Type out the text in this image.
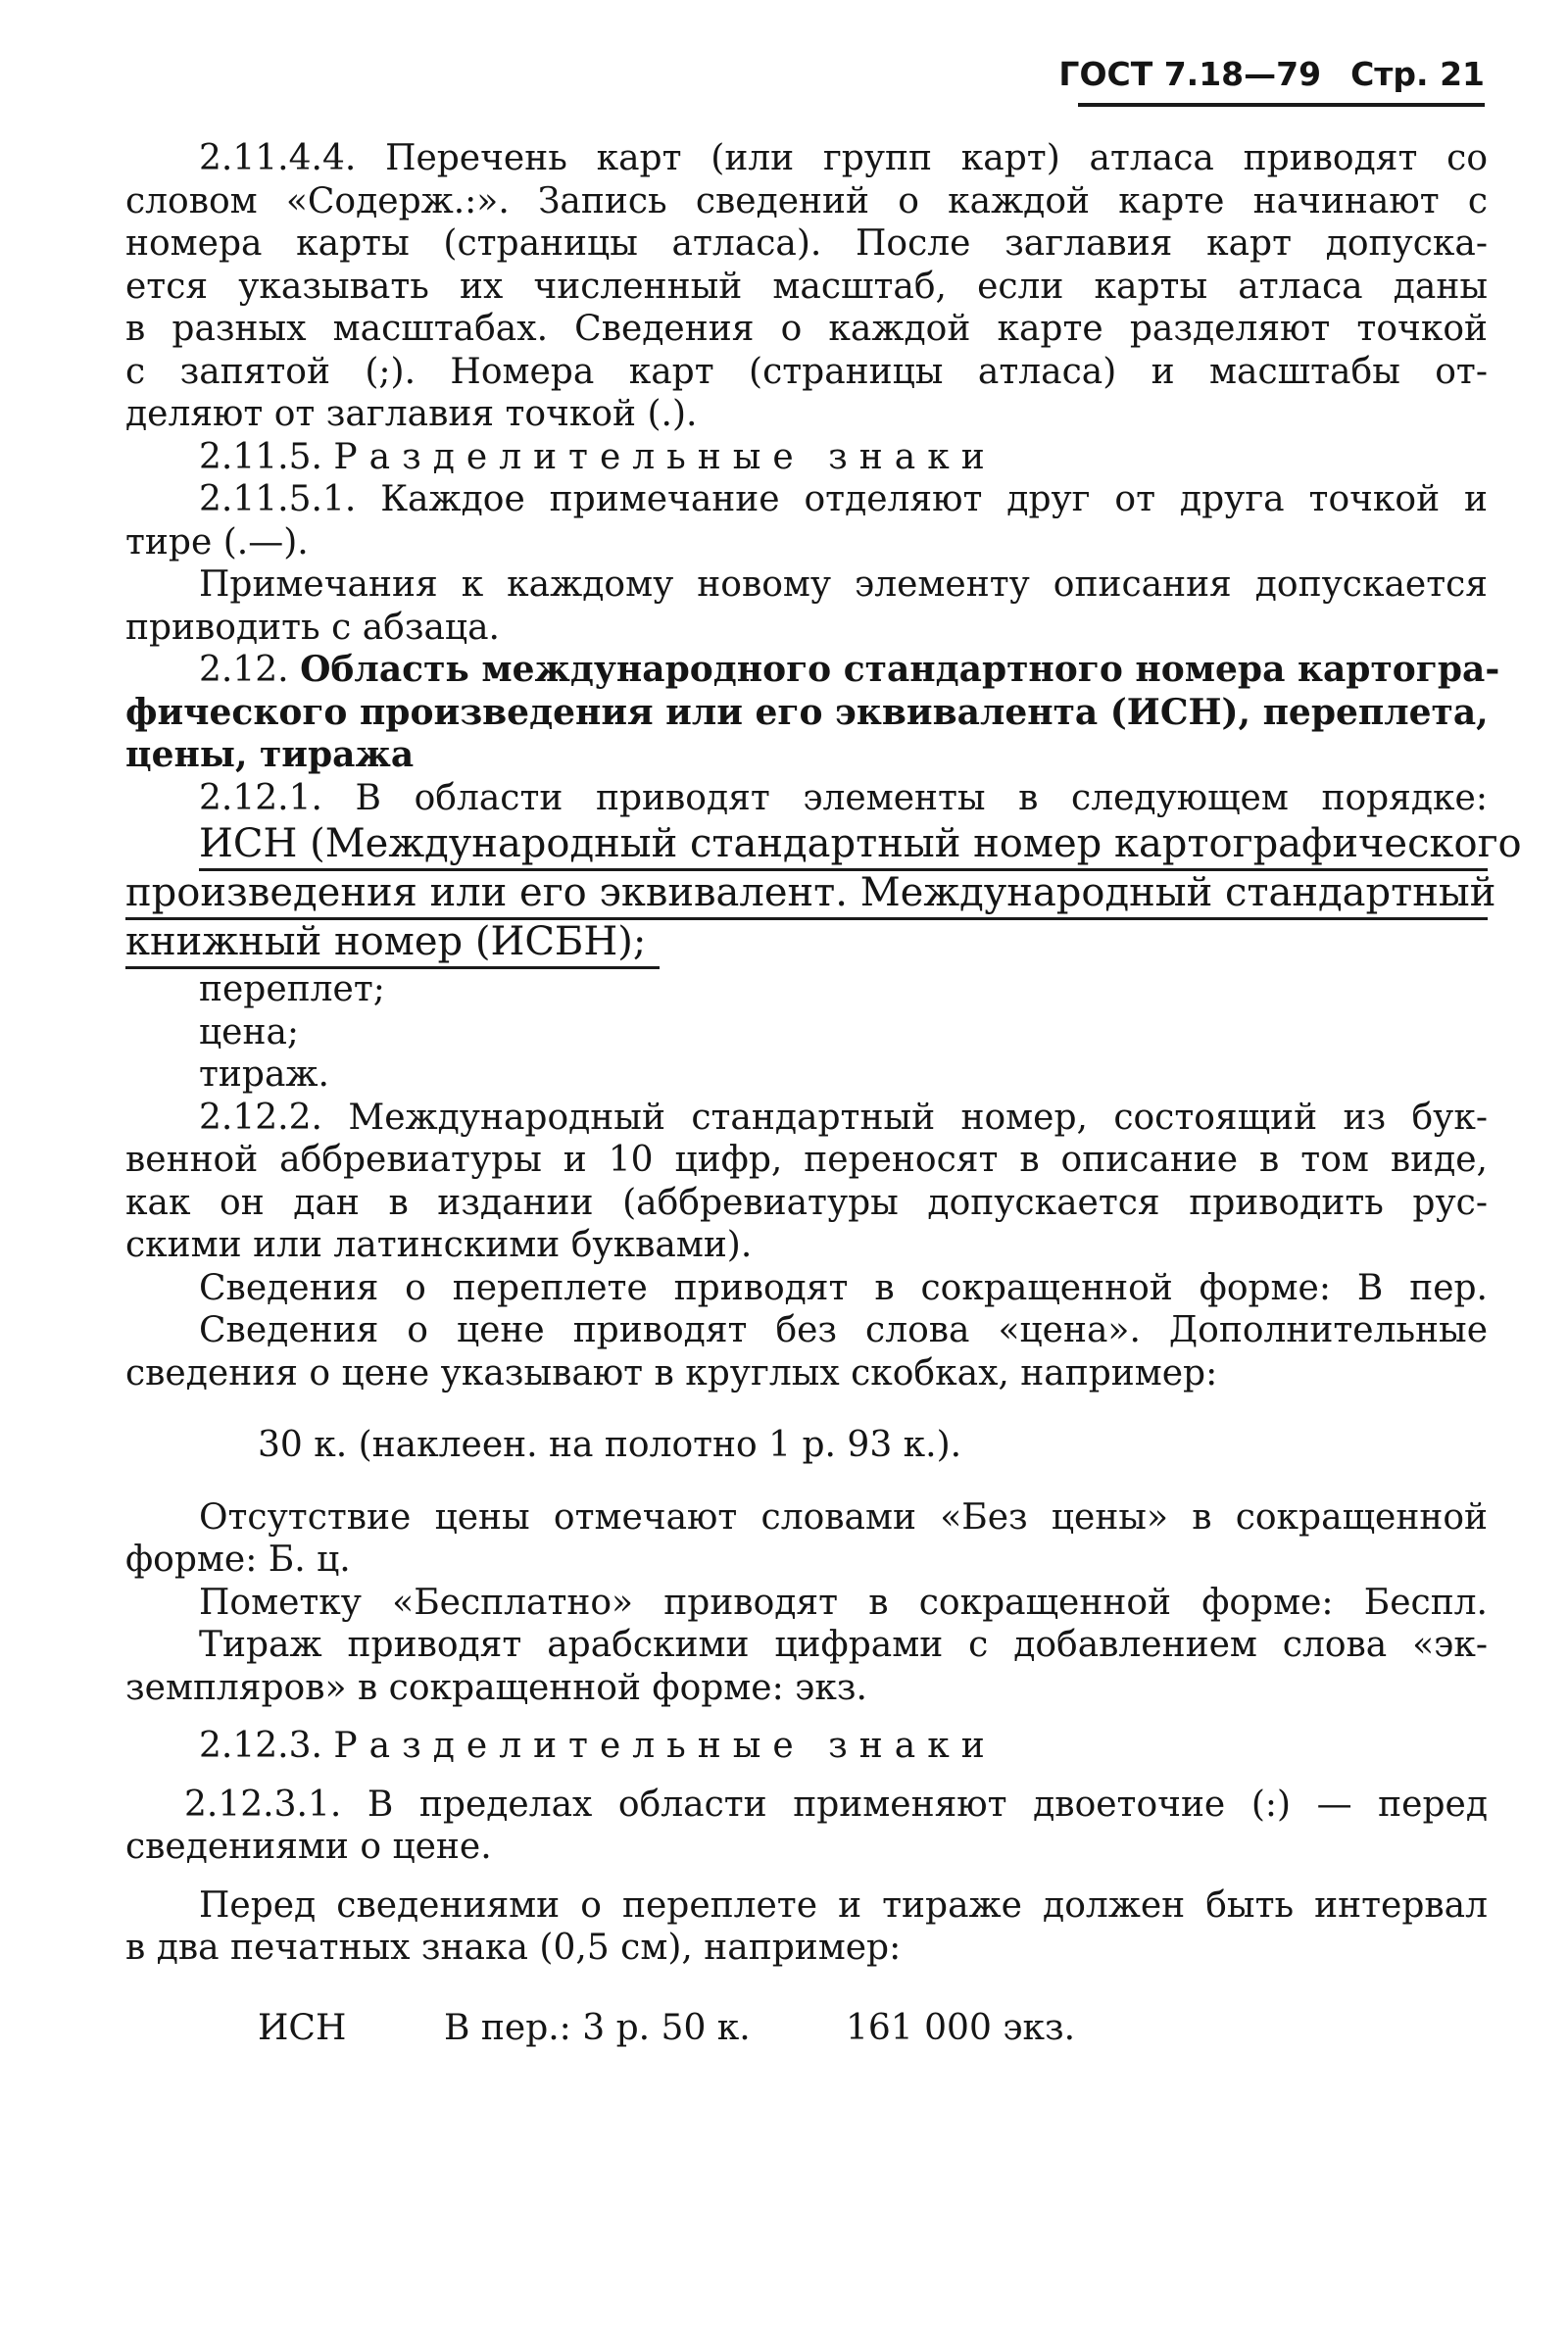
ГОСТ 7.18—79 Стр. 21
2.11.4.4. Перечень карт (или групп карт) атласа приводят со
словом «Содерж.:». Запись сведений о каждой карте начинают с
номера карты (страницы атласа). После заглавия карт допуска-
ется указывать их численный масштаб, если карты атласа даны
в разных масштабах. Сведения о каждой карте разделяют точкой
с запятой (;). Номера карт (страницы атласа) и масштабы от-
деляют от заглавия точкой (.).
2.11.5. Разделительные знаки
2.11.5.1. Каждое примечание отделяют друг от друга точкой и
тире (.—).
Примечания к каждому новому элементу описания допускается
приводить с абзаца.
2.12. Область международного стандартного номера картогра-
фического произведения или его эквивалента (ИСН), переплета,
цены, тиража
2.12.1. В области приводят элементы в следующем порядке:
ИСН (Международный стандартный номер картографического
произведения или его эквивалент. Международный стандартный
книжный номер (ИСБН);
переплет;
цена;
тираж.
2.12.2. Международный стандартный номер, состоящий из бук-
венной аббревиатуры и 10 цифр, переносят в описание в том виде,
как он дан в издании (аббревиатуры допускается приводить рус-
скими или латинскими буквами).
Сведения о переплете приводят в сокращенной форме: В пер.
Сведения о цене приводят без слова «цена». Дополнительные
сведения о цене указывают в круглых скобках, например:
30 к. (наклеен. на полотно 1 р. 93 к.).
Отсутствие цены отмечают словами «Без цены» в сокращенной
форме: Б. ц.
Пометку «Бесплатно» приводят в сокращенной форме: Беспл.
Тираж приводят арабскими цифрами с добавлением слова «эк-
земпляров» в сокращенной форме: экз.
2.12.3. Разделительные знаки
2.12.3.1. В пределах области применяют двоеточие (:) — перед
сведениями о цене.
Перед сведениями о переплете и тираже должен быть интервал
в два печатных знака (0,5 см), например:
ИСН	В пер.: 3 р. 50 к.	161 000 экз.
